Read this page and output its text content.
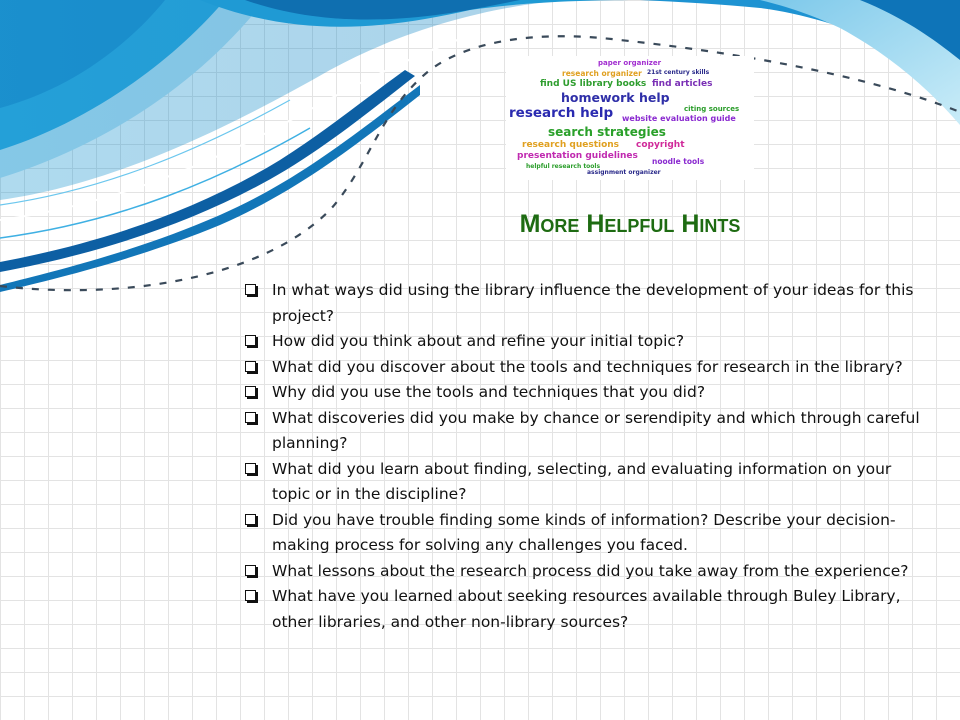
paper organizer
research organizer 21st century skills
find US library books find articles
homework help
citing sources
research help website evaluation guide
search strategies
research questions copyright
presentation guidelines
noodle tools
helpful research tools
assignment organizer
More Helpful Hints
In what ways did using the library influence the development of your ideas for this project?
How did you think about and refine your initial topic?
What did you discover about the tools and techniques for research in the library?
Why did you use the tools and techniques that you did?
What discoveries did you make by chance or serendipity and which through careful planning?
What did you learn about finding, selecting, and evaluating information on your topic or in the discipline?
Did you have trouble finding some kinds of information? Describe your decision-making process for solving any challenges you faced.
What lessons about the research process did you take away from the experience?
What have you learned about seeking resources available through Buley Library, other libraries, and other non-library sources?
